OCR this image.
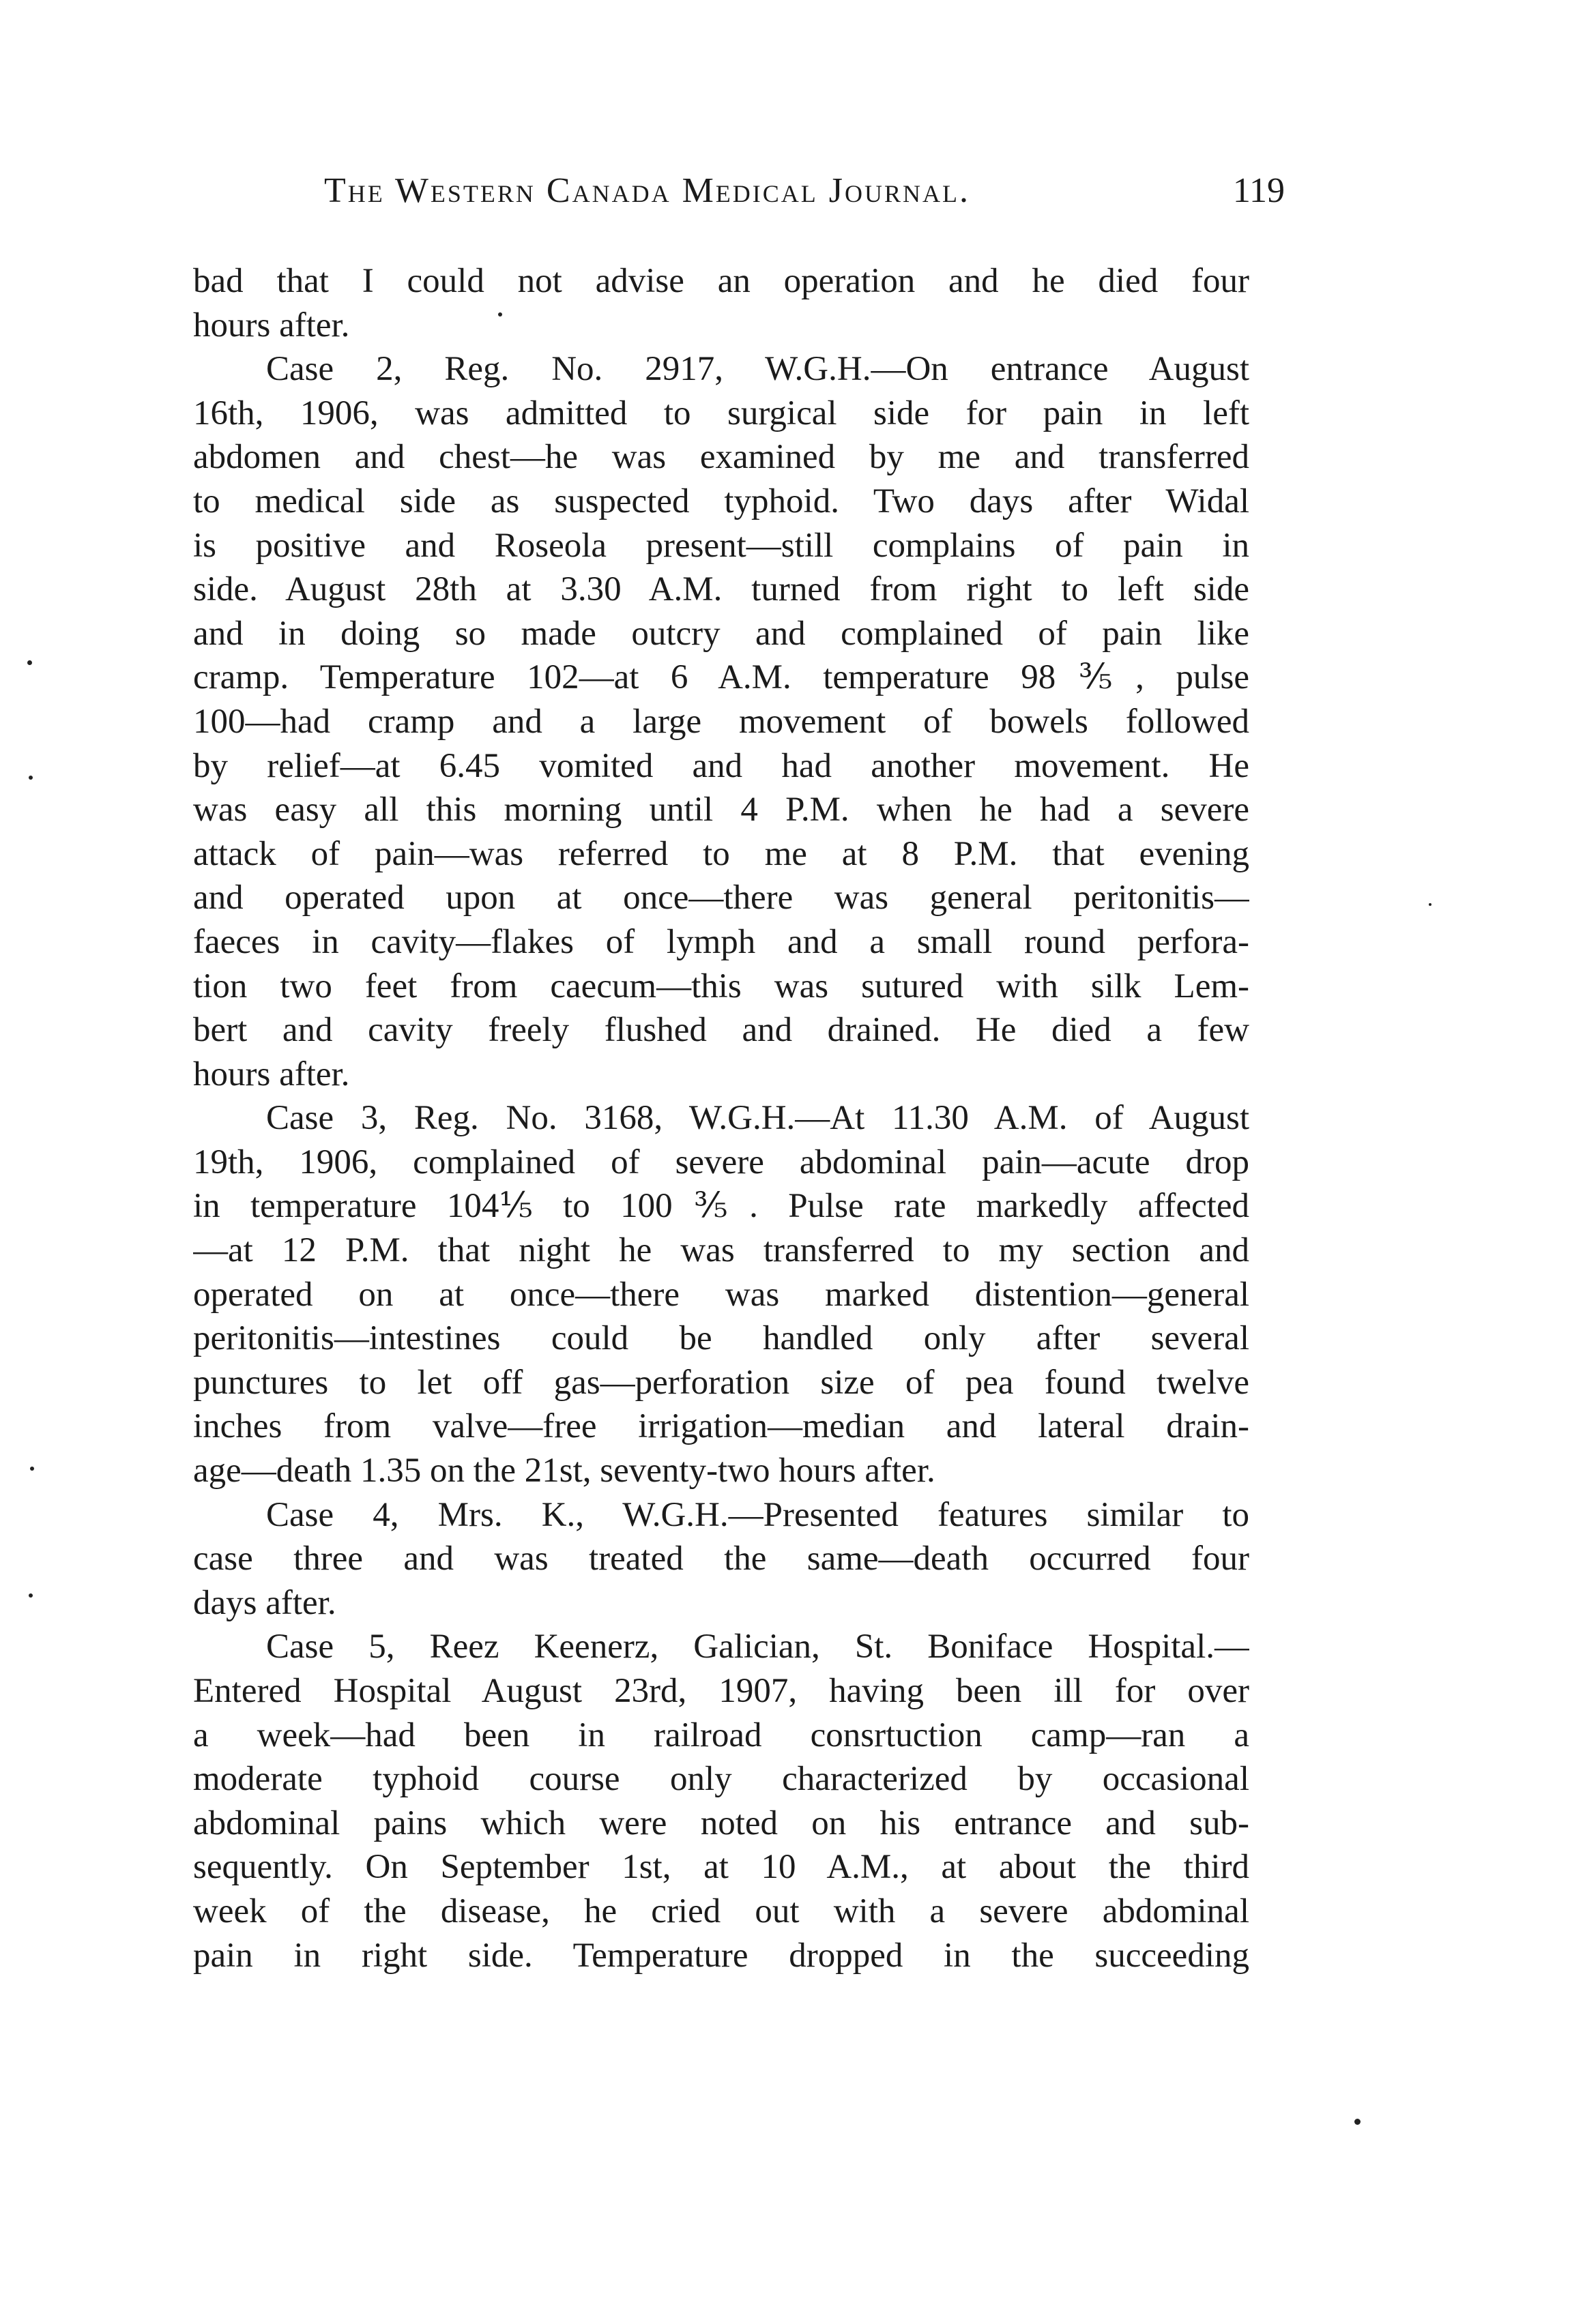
The Western Canada Medical Journal.	119
bad that I could not advise an operation and he died four
hours after.
Case 2, Reg. No. 2917, W.G.H.—On entrance August
16th, 1906, was admitted to surgical side for pain in left
abdomen and chest—he was examined by me and transferred
to medical side as suspected typhoid. Two days after Widal
is positive and Roseola present—still complains of pain in
side. August 28th at 3.30 A.M. turned from right to left side
and in doing so made outcry and complained of pain like
cramp. Temperature 102—at 6 A.M. temperature 98⅗, pulse
100—had cramp and a large movement of bowels followed
by relief—at 6.45 vomited and had another movement. He
was easy all this morning until 4 P.M. when he had a severe
attack of pain—was referred to me at 8 P.M. that evening
and operated upon at once—there was general peritonitis—
faeces in cavity—flakes of lymph and a small round perfora-
tion two feet from caecum—this was sutured with silk Lem-
bert and cavity freely flushed and drained. He died a few
hours after.
Case 3, Reg. No. 3168, W.G.H.—At 11.30 A.M. of August
19th, 1906, complained of severe abdominal pain—acute drop
in temperature 104⅕ to 100⅗. Pulse rate markedly affected
—at 12 P.M. that night he was transferred to my section and
operated on at once—there was marked distention—general
peritonitis—intestines could be handled only after several
punctures to let off gas—perforation size of pea found twelve
inches from valve—free irrigation—median and lateral drain-
age—death 1.35 on the 21st, seventy-two hours after.
Case 4, Mrs. K., W.G.H.—Presented features similar to
case three and was treated the same—death occurred four
days after.
Case 5, Reez Keenerz, Galician, St. Boniface Hospital.—
Entered Hospital August 23rd, 1907, having been ill for over
a week—had been in railroad consrtuction camp—ran a
moderate typhoid course only characterized by occasional
abdominal pains which were noted on his entrance and sub-
sequently. On September 1st, at 10 A.M., at about the third
week of the disease, he cried out with a severe abdominal
pain in right side. Temperature dropped in the succeeding
